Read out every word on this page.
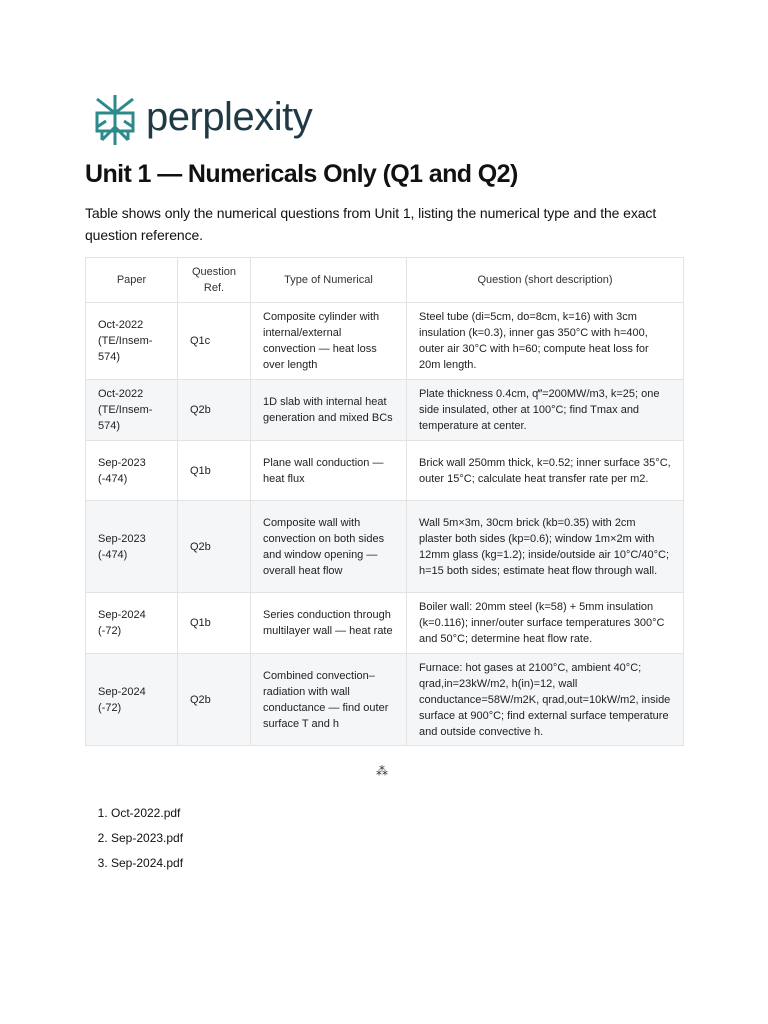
perplexity
Unit 1 — Numericals Only (Q1 and Q2)

Table shows only the numerical questions from Unit 1, listing the numerical type and the exact question reference.

Paper	Question Ref.	Type of Numerical	Question (short description)
Oct-2022 (TE/Insem-574)	Q1c	Composite cylinder with internal/external convection — heat loss over length	Steel tube (di=5cm, do=8cm, k=16) with 3cm insulation (k=0.3), inner gas 350°C with h=400, outer air 30°C with h=60; compute heat loss for 20m length.
Oct-2022 (TE/Insem-574)	Q2b	1D slab with internal heat generation and mixed BCs	Plate thickness 0.4cm, q‴=200MW/m3, k=25; one side insulated, other at 100°C; find Tmax and temperature at center.
Sep-2023 (-474)	Q1b	Plane wall conduction — heat flux	Brick wall 250mm thick, k=0.52; inner surface 35°C, outer 15°C; calculate heat transfer rate per m2.
Sep-2023 (-474)	Q2b	Composite wall with convection on both sides and window opening — overall heat flow	Wall 5m×3m, 30cm brick (kb=0.35) with 2cm plaster both sides (kp=0.6); window 1m×2m with 12mm glass (kg=1.2); inside/outside air 10°C/40°C; h=15 both sides; estimate heat flow through wall.
Sep-2024 (-72)	Q1b	Series conduction through multilayer wall — heat rate	Boiler wall: 20mm steel (k=58) + 5mm insulation (k=0.116); inner/outer surface temperatures 300°C and 50°C; determine heat flow rate.
Sep-2024 (-72)	Q2b	Combined convection–radiation with wall conductance — find outer surface T and h	Furnace: hot gases at 2100°C, ambient 40°C; qrad,in=23kW/m2, h(in)=12, wall conductance=58W/m2K, qrad,out=10kW/m2, inside surface at 900°C; find external surface temperature and outside convective h.
⁂
1. Oct-2022.pdf
2. Sep-2023.pdf
3. Sep-2024.pdf
